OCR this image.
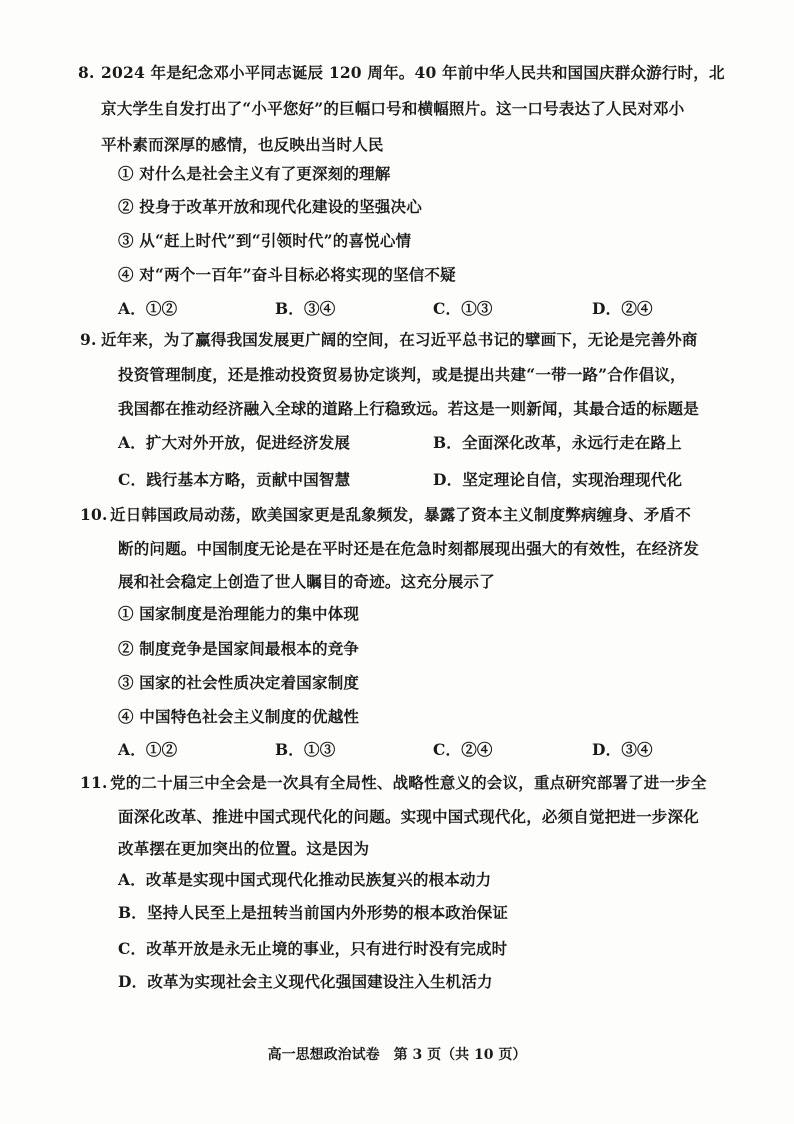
8. 2024 年是纪念邓小平同志诞辰 120 周年。40 年前中华人民共和国国庆群众游行时，北
京大学生自发打出了“小平您好”的巨幅口号和横幅照片。这一口号表达了人民对邓小
平朴素而深厚的感情，也反映出当时人民
① 对什么是社会主义有了更深刻的理解
② 投身于改革开放和现代化建设的坚强决心
③ 从“赶上时代”到“引领时代”的喜悦心情
④ 对“两个一百年”奋斗目标必将实现的坚信不疑
A．①②	B．③④	C．①③	D．②④
9. 近年来，为了赢得我国发展更广阔的空间，在习近平总书记的擘画下，无论是完善外商
投资管理制度，还是推动投资贸易协定谈判，或是提出共建“一带一路”合作倡议，
我国都在推动经济融入全球的道路上行稳致远。若这是一则新闻，其最合适的标题是
A．扩大对外开放，促进经济发展	B．全面深化改革，永远行走在路上
C．践行基本方略，贡献中国智慧	D．坚定理论自信，实现治理现代化
10. 近日韩国政局动荡，欧美国家更是乱象频发，暴露了资本主义制度弊病缠身、矛盾不
断的问题。中国制度无论是在平时还是在危急时刻都展现出强大的有效性，在经济发
展和社会稳定上创造了世人瞩目的奇迹。这充分展示了
① 国家制度是治理能力的集中体现
② 制度竞争是国家间最根本的竞争
③ 国家的社会性质决定着国家制度
④ 中国特色社会主义制度的优越性
A．①②	B．①③	C．②④	D．③④
11. 党的二十届三中全会是一次具有全局性、战略性意义的会议，重点研究部署了进一步全
面深化改革、推进中国式现代化的问题。实现中国式现代化，必须自觉把进一步深化
改革摆在更加突出的位置。这是因为
A．改革是实现中国式现代化推动民族复兴的根本动力
B．坚持人民至上是扭转当前国内外形势的根本政治保证
C．改革开放是永无止境的事业，只有进行时没有完成时
D．改革为实现社会主义现代化强国建设注入生机活力
高一思想政治试卷　第 3 页（共 10 页）
